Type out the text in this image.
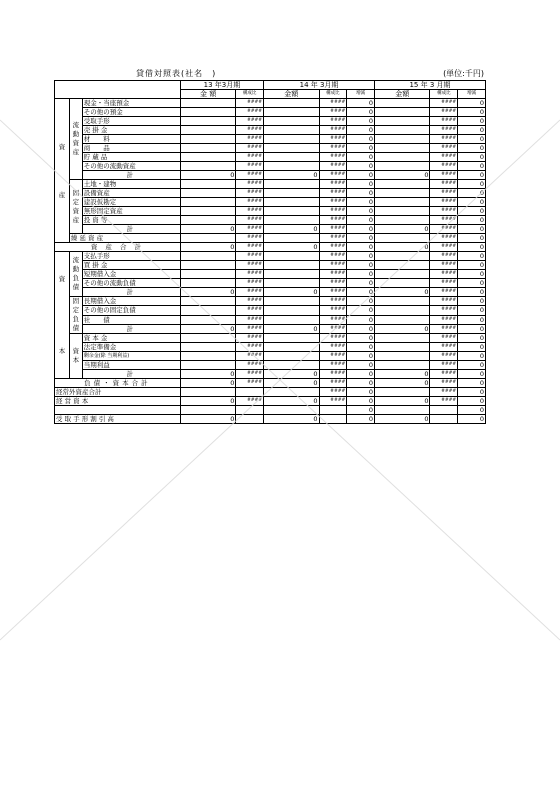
貸借対照表(社名　)	(単位:千円)
			13 年3月期		14 年 3月期			15 年 3 月期		
			金 額	構成比	金額	構成比	増減	金額	構成比	増減
資

産	流動資産	現金・当座預金		####		####	0		####	0
		その他の預金		####		####	0		####	0
		受取手形		####		####	0		####	0
		売 掛 金		####		####	0		####	0
		材　　料		####		####	0		####	0
		商　　品		####		####	0		####	0
		貯 蔵 品		####		####	0		####	0
		その他の流動資産		####		####	0		####	0
		計	0	####	0	####	0	0	####	0
	固定資産	土地・建物		####		####	0		####	0
		設備資産		####		####	0		####	0
		建設仮勘定		####		####	0		####	0
		無形固定資産		####		####	0		####	0
		投 資 等		####		####	0		####	0
		計	0	####	0	####	0	0	####	0
	繰 延 資 産			####		####	0		####	0
資 産 合 計			0	####	0	####	0	0	####	0
資

本	流動負債	支払手形		####		####	0		####	0
		買 掛 金		####		####	0		####	0
		短期借入金		####		####	0		####	0
		その他の流動負債		####		####	0		####	0
		計	0	####	0	####	0	0	####	0
	固定負債	長期借入金		####		####	0		####	0
		その他の固定負債		####		####	0		####	0
		社　　債		####		####	0		####	0
		計	0	####	0	####	0	0	####	0
	資本	資 本 金		####		####	0		####	0
		法定準備金		####		####	0		####	0
		剰余金(除 当期利益)		####		####	0		####	0
		当期利益		####		####	0		####	0
		計	0	####	0	####	0	0	####	0
負債・資本合計			0	####	0	####	0	0	####	0
経常外資産合計						####	0		####	0
経 営 資 本			0	####	0	####	0	0	####	0
							0			0
受 取 手 形 割 引 高			0		0		0	0		0
